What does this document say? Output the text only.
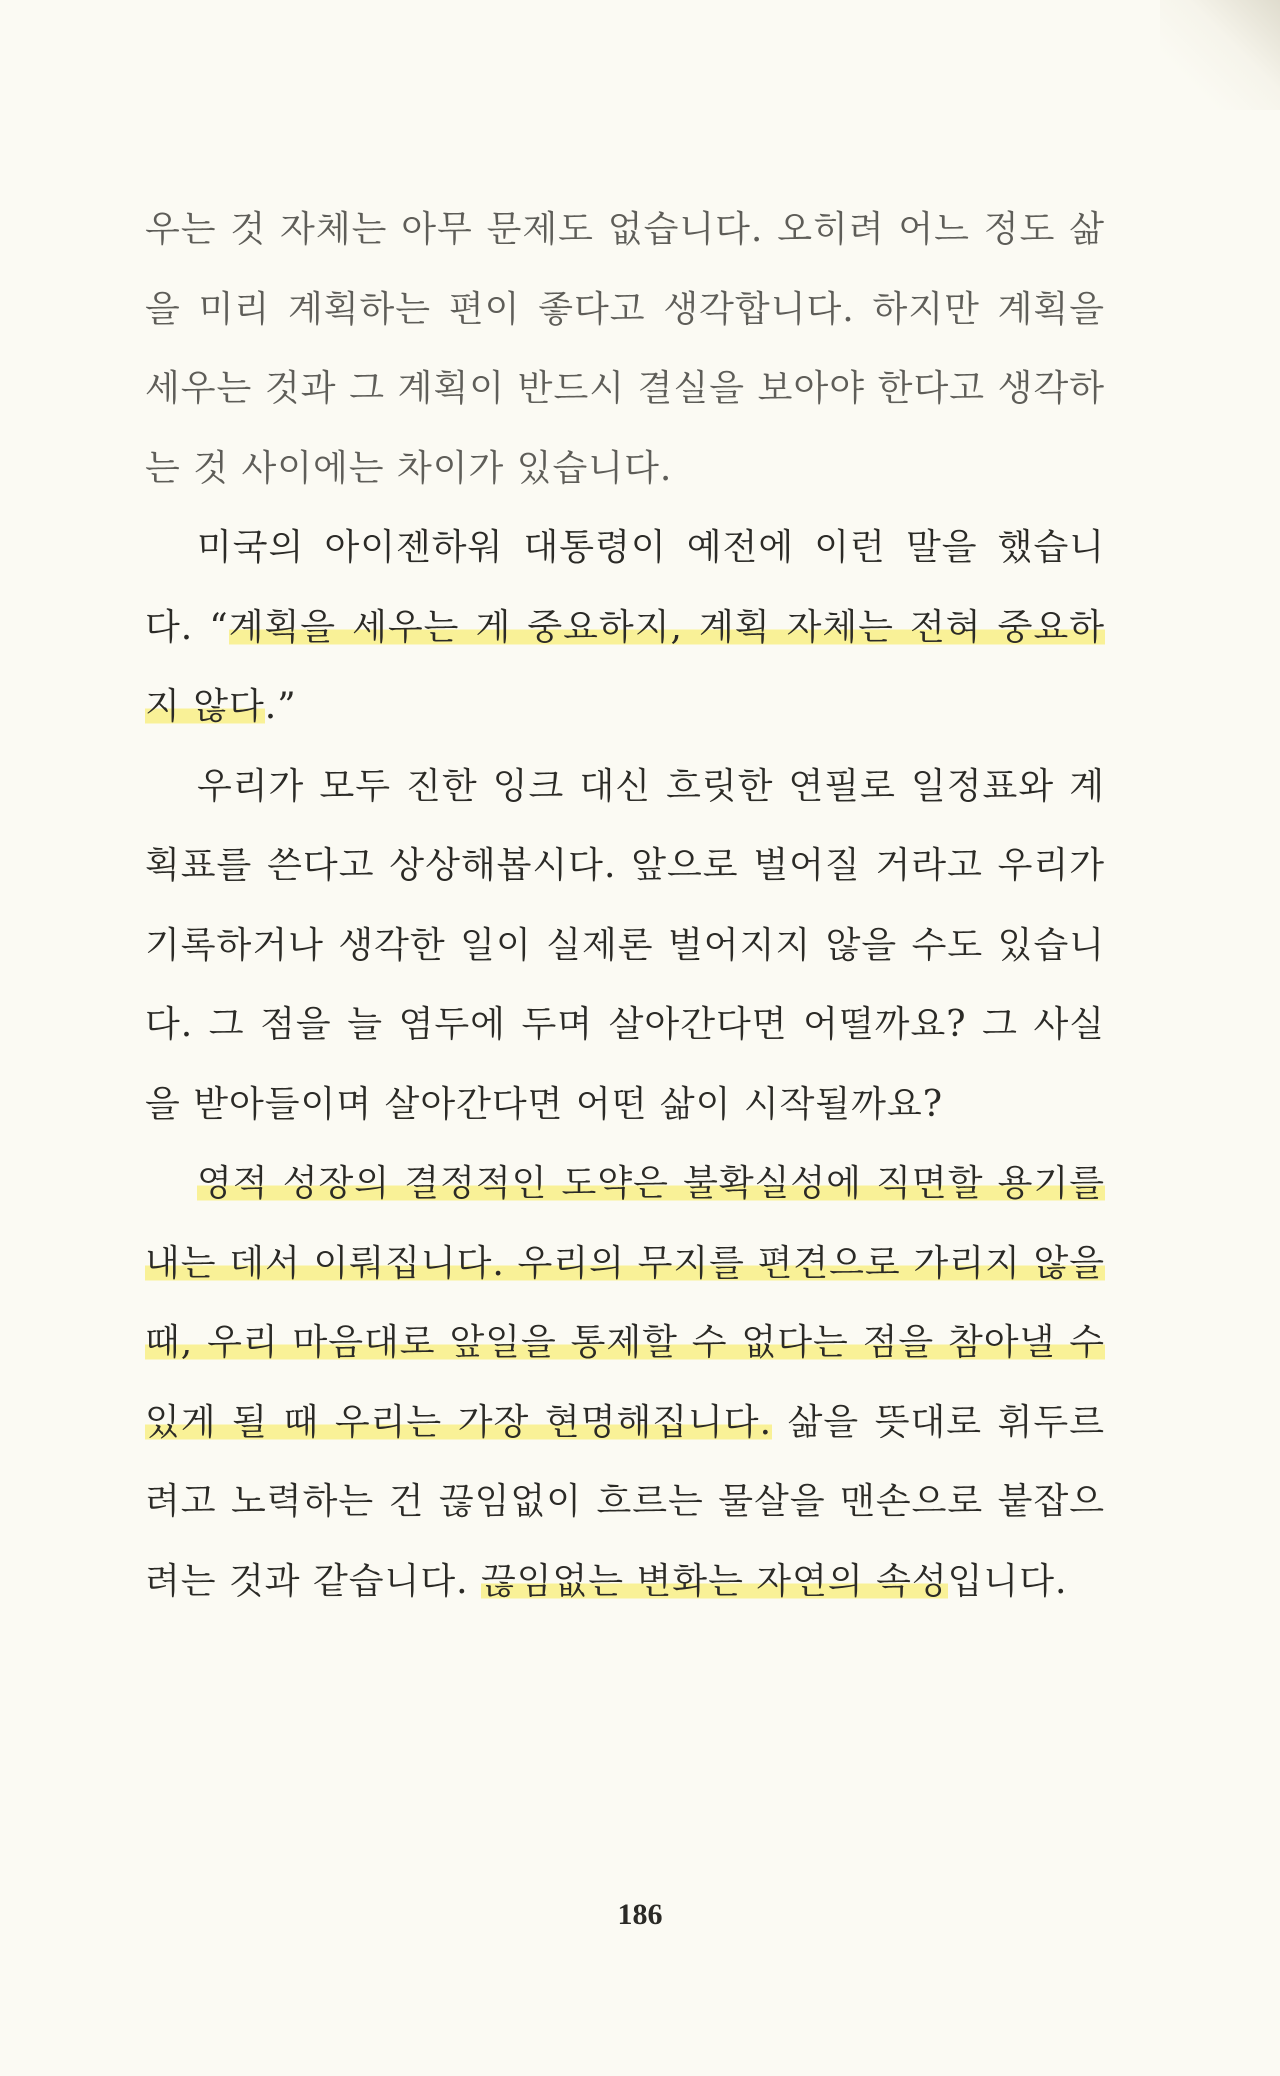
우는 것 자체는 아무 문제도 없습니다. 오히려 어느 정도 삶을 미리 계획하는 편이 좋다고 생각합니다. 하지만 계획을 세우는 것과 그 계획이 반드시 결실을 보아야 한다고 생각하는 것 사이에는 차이가 있습니다.

미국의 아이젠하워 대통령이 예전에 이런 말을 했습니다. “계획을 세우는 게 중요하지, 계획 자체는 전혀 중요하지 않다.”

우리가 모두 진한 잉크 대신 흐릿한 연필로 일정표와 계획표를 쓴다고 상상해봅시다. 앞으로 벌어질 거라고 우리가 기록하거나 생각한 일이 실제론 벌어지지 않을 수도 있습니다. 그 점을 늘 염두에 두며 살아간다면 어떨까요? 그 사실을 받아들이며 살아간다면 어떤 삶이 시작될까요?

영적 성장의 결정적인 도약은 불확실성에 직면할 용기를 내는 데서 이뤄집니다. 우리의 무지를 편견으로 가리지 않을 때, 우리 마음대로 앞일을 통제할 수 없다는 점을 참아낼 수 있게 될 때 우리는 가장 현명해집니다. 삶을 뜻대로 휘두르려고 노력하는 건 끊임없이 흐르는 물살을 맨손으로 붙잡으려는 것과 같습니다. 끊임없는 변화는 자연의 속성입니다.

186
